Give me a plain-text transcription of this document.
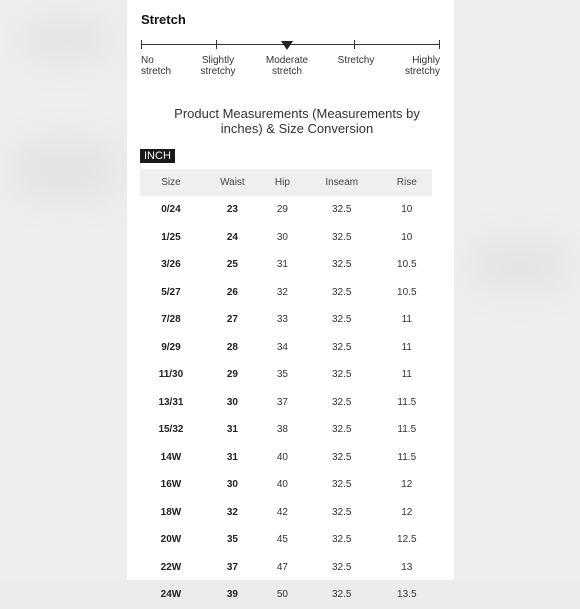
Stretch
No
stretch
Slightly
stretchy
Moderate
stretch
Stretchy	Highly
stretchy
Product Measurements (Measurements by inches) & Size Conversion
INCH
Size	Waist	Hip	Inseam	Rise
0/24	23	29	32.5	10
1/25	24	30	32.5	10
3/26	25	31	32.5	10.5
5/27	26	32	32.5	10.5
7/28	27	33	32.5	11
9/29	28	34	32.5	11
11/30	29	35	32.5	11
13/31	30	37	32.5	11.5
15/32	31	38	32.5	11.5
14W	31	40	32.5	11.5
16W	30	40	32.5	12
18W	32	42	32.5	12
20W	35	45	32.5	12.5
22W	37	47	32.5	13
24W	39	50	32.5	13.5
